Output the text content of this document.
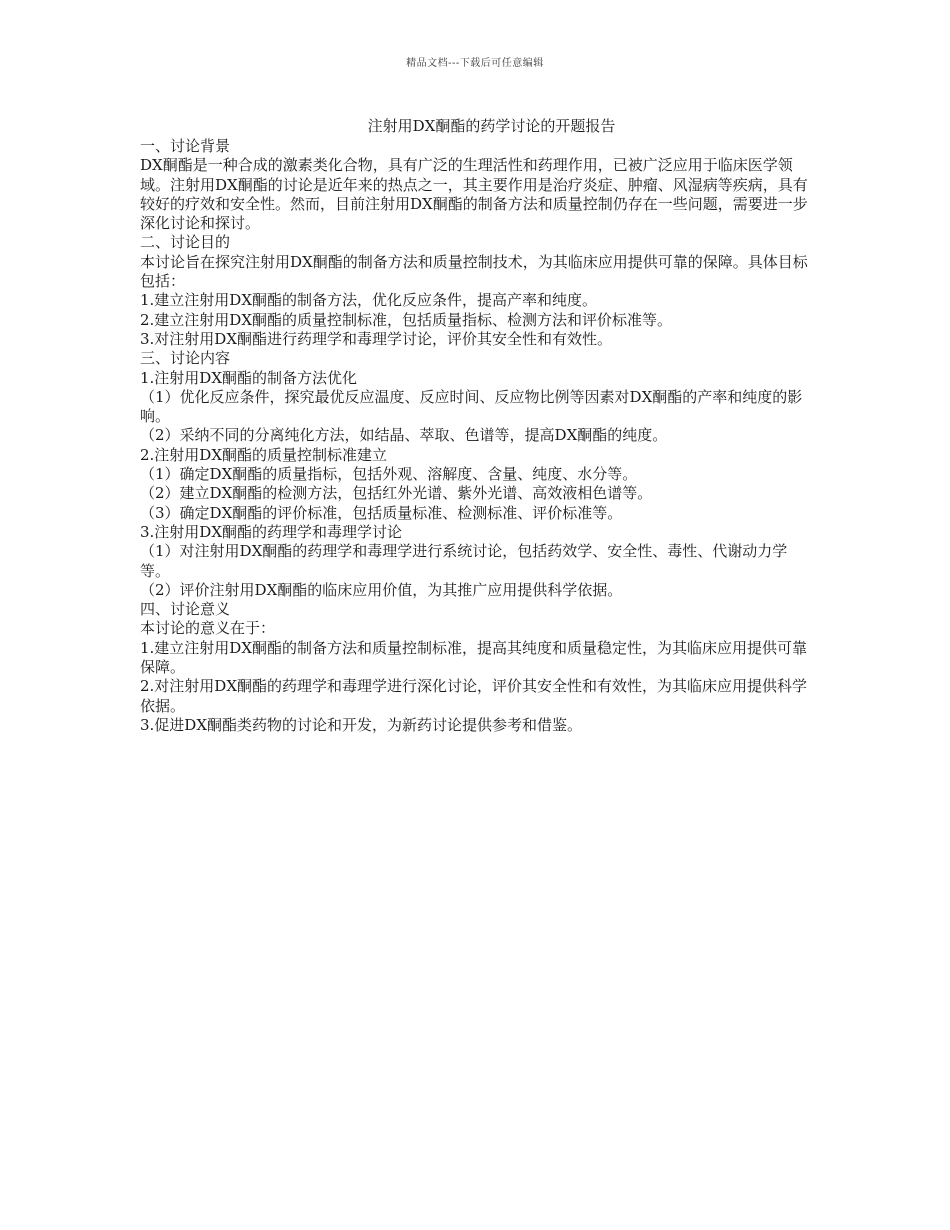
精品文档---下载后可任意编辑
注射用DX酮酯的药学讨论的开题报告

一、讨论背景

DX酮酯是一种合成的激素类化合物，具有广泛的生理活性和药理作用，已被广泛应用于临床医学领域。注射用DX酮酯的讨论是近年来的热点之一，其主要作用是治疗炎症、肿瘤、风湿病等疾病，具有较好的疗效和安全性。然而，目前注射用DX酮酯的制备方法和质量控制仍存在一些问题，需要进一步深化讨论和探讨。

二、讨论目的

本讨论旨在探究注射用DX酮酯的制备方法和质量控制技术，为其临床应用提供可靠的保障。具体目标包括：

1.建立注射用DX酮酯的制备方法，优化反应条件，提高产率和纯度。

2.建立注射用DX酮酯的质量控制标准，包括质量指标、检测方法和评价标准等。

3.对注射用DX酮酯进行药理学和毒理学讨论，评价其安全性和有效性。

三、讨论内容

1.注射用DX酮酯的制备方法优化

（1）优化反应条件，探究最优反应温度、反应时间、反应物比例等因素对DX酮酯的产率和纯度的影响。

（2）采纳不同的分离纯化方法，如结晶、萃取、色谱等，提高DX酮酯的纯度。

2.注射用DX酮酯的质量控制标准建立

（1）确定DX酮酯的质量指标，包括外观、溶解度、含量、纯度、水分等。

（2）建立DX酮酯的检测方法，包括红外光谱、紫外光谱、高效液相色谱等。

（3）确定DX酮酯的评价标准，包括质量标准、检测标准、评价标准等。

3.注射用DX酮酯的药理学和毒理学讨论

（1）对注射用DX酮酯的药理学和毒理学进行系统讨论，包括药效学、安全性、毒性、代谢动力学等。

（2）评价注射用DX酮酯的临床应用价值，为其推广应用提供科学依据。

四、讨论意义

本讨论的意义在于：

1.建立注射用DX酮酯的制备方法和质量控制标准，提高其纯度和质量稳定性，为其临床应用提供可靠保障。

2.对注射用DX酮酯的药理学和毒理学进行深化讨论，评价其安全性和有效性，为其临床应用提供科学依据。

3.促进DX酮酯类药物的讨论和开发，为新药讨论提供参考和借鉴。
